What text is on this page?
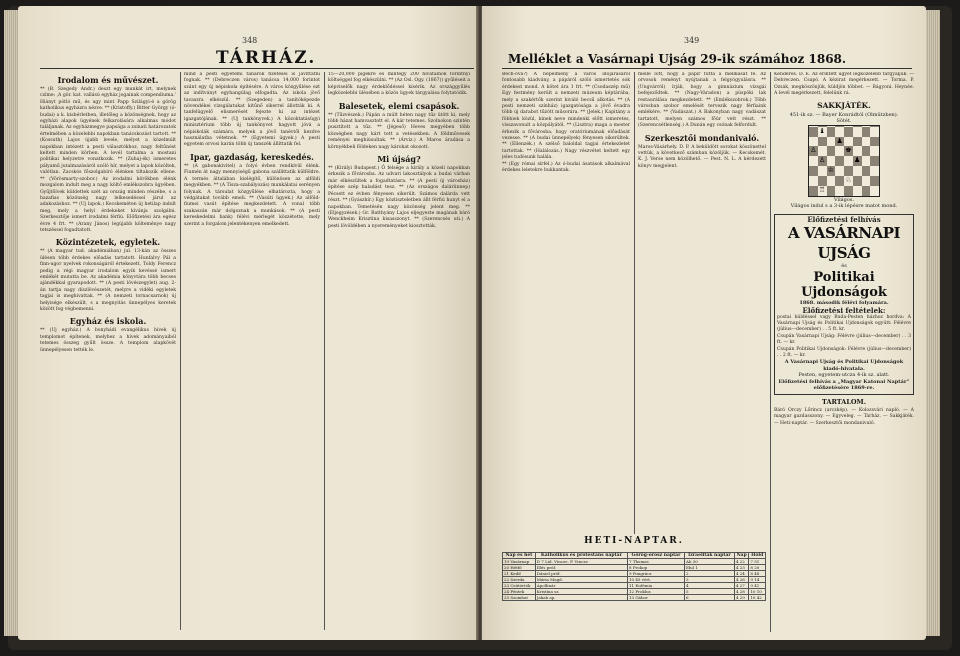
348
TÁRHÁZ.
Irodalom és művészet.

** (B. Szegedy Andr.) deszt egy munkát irt, melynek czíme: ,A gör. kat. vallású egyház jogainak compendiuma.' Hiányt pótló mű, és ugy mint Papp Szilágyi-é a görög katholikus egyházra nézve. ** (Kristoffy.) Bitter György (ó-budai) a k. kisbérletben, illetőleg a közönségnek, hogy az egyházi alapok ügyének felkarolására alkalmas módot találjanak. Az egyházmegye papsága a zsinati határozatok értelmében a közelebbi napokban tanácskozást tartott. ** (Kossuth) Lajos újabb levele, melyet a közelmúlt napokban intézett a pesti választókhoz, nagy feltűnést keltett minden körben. A levél tartalma a mostani politikai helyzetre vonatkozik. ** (Zuhaj-ék) ismeretes pályamű jutalmazásáról szóló hír, melyet a lapok közöltek, valótlan. Zacskós főszolgabíró élénken tiltakozik ellene. ** (Vörösmarty-szobor.) Az irodalmi körökben élénk mozgalom indult meg a nagy költő emlékszobra ügyében. Gyűjtőívek küldettek szét az ország minden részébe, s a hazafias közönség nagy lelkesedéssel járul az adakozáshoz. ** (Uj lapok.) Kecskeméten új hetilap indult meg, mely a helyi érdekeket kívánja szolgálni. Szerkesztője ismert irodalmi férfiú. Előfizetési ára egész évre 4 frt. ** (Arany János) legújabb költeménye nagy tetszéssel fogadtatott.

Közintézetek, egyletek.

** (A magyar tud. akadémiában) jul. 13-kán az összes ülésen több érdekes előadás tartatott. Hunfalvy Pál a finn-ugor nyelvek rokonságáról értekezett, Toldy Ferencz pedig a régi magyar irodalom egyik kevéssé ismert emlékét mutatta be. Az akadémia könyvtára több becses ajándékkal gyarapodott. ** (A pesti lövészegylet) aug. 2-án tartja nagy díszlövészetét, melyre a vidéki egyletek tagjai is meghivattak. ** (A nemzeti tornacsarnok) új helyisége elkészült, s a megnyitás ünnepélyes keretek között fog végbemenni.

Egyház és iskola.

** (Uj egyház.) A bonyhádi evangélikus hívek új templomot építenek, melyhez a hívek adományaiból tetemes összeg gyűlt össze. A templom alapkövét ünnepélyesen tették le.

mind a pesti egyetemi tanárok fizetései is javíttatni fognak. ** (Debreczen város) tanácsa 14,000 forintot szánt egy új népiskola építésére. A város közgyűlése ezt az indítványt egyhangúlag elfogadta. Az iskola jövő tavaszra elkészül. ** (Szegeden) a tanítóképezde növendékei vizsgálatukat kitűnő sikerrel állották ki. A tanfelügyelő elismerését fejezte ki az intézet igazgatójának. ** (Uj tankönyvek.) A közoktatásügyi minisztérium több új tankönyvet hagyott jóvá a népiskolák számára, melyek a jövő tanévtől kezdve használatba vétetnek. ** (Egyetemi ügyek.) A pesti egyetem orvosi karán több új tanszék állíttatik fel.

Ipar, gazdaság, kereskedés.

** (A gabonakivitel) a folyó évben rendkívül élénk. Fiumén át nagy mennyiségű gabona szállíttatik külföldre. A termés általában kielégítő, különösen az alföldi megyékben. ** (A Tisza-szabályozás) munkálatai serényen folynak. A társulat közgyűlése elhatározta, hogy a védgátakat tovább emeli. ** (Vasúti ügyek.) Az alföld-fiumei vasút építése megkezdetett. A vonal több szakaszán már dolgoznak a munkások. ** (A pesti kereskedelmi bank) félévi mérlegét közzétette, mely szerint a forgalom jelentékenyen emelkedett.

15—20,000 pigekre és mintegy 200 hivatalnok forintnyi költséggel fog elkészülni. ** (Az Osl. Ogy. (1867)) gyűléseit a képviselők nagy érdeklődéssel kísérik. Az országgyűlés legközelebbi ülésében a közös ügyek tárgyalása folytatódik.

Balesetek, elemi csapások.

** (Tűzvészek.) Pápán a múlt héten nagy tűz ütött ki, mely több házat hamvasztott el. A kár tetemes. Szolnokon szintén pusztított a tűz. ** (Jégeső) Heves megyében több községben nagy kárt tett a vetésekben. A földművesek reményei meghiúsultak. ** (Árvíz.) A Maros áradása a környékbeli földeken nagy károkat okozott.

Mi újság?

** (Királyi Budapest.) Ő felsége a király a közeli napokban érkezik a fővárosba. Az udvari lakosztályok a budai várban már elkészültek a fogadtatásra. ** (A pesti új városház) építése szép haladást tesz. ** (Az országos dalárünnep) Pécsett ez évben fényesen sikerült. Számos dalárda vett részt. ** (Gyászhír.) Egy köztiszteletben állt férfiú hunyt el a napokban. Temetésén nagy közönség jelent meg. ** (Eljegyzések.) Gr. Batthyány Lajos eljegyezte magának báró Wenckheim Krisztina kisasszonyt. ** (Szerencsés uti.) A pesti lövöldében a nyereményeket kiosztották.

349
Melléklet a Vasárnapi Ujság 29-ik számához 1868.

Bech-ová?) A népélmény a város időjárásáról fontosabb kiadvány, a pápáról szóló ismertetés sok érdekest mond. A kötet ára 1 frt. ** (Csodaszép mű) Egy festmény került a nemzeti múzeum képtárába, mely a szakértők szerint kiváló becsű alkotás. ** (A pesti nemzeti színház) igazgatósága a jövő évadra több új darabot tűzött műsorára. ** (Jelek.) Kapitány a föbbiek közül, kinek neve mindenki előtt ismeretes, visszavonult a közpályától. ** (Lisztra) maga a mester érkezik a fővárosba, hogy oratóriumának előadását vezesse. ** (A budai ünnepélyek) fényesen sikerültek. ** (Ellenzék.) A szélső baloldal tagjai értekezletet tartottak. ** (Halálozás.) Nagy részvétet keltett egy jeles tudósunk halála.

** (Egy római sírfel.) Az ó-budai ásatások alkalmával érdekes leletekre bukkantak.

melle lőtt, hogy a papír futta a mellkasát fe. Az orvosok reményt nyújtanak a felgyógyulásra. ** (Ungvárról) írják, hogy a gimnázium vizsgái befejeződtek. ** (Nagy-Váradon) a püspöki lak restaurálása megkezdetett. ** (Emlékszobrok.) Több városban szobor emelését tervezik nagy férfiaink emlékére. ** (Vadászat.) A Bakonyban nagy vadászat tartatott, melyen számos főúr vett részt. ** (Szerencsétlenség.) A Dunán egy csónak felfordult.

Szerkesztői mondanivaló.

Maros-Vásárhely. D. P. A beküldött sorokat köszönettel vettük, a következő számban közöljük. — Kecskemét. K. J. Verse nem közölhető. — Pest. N. L. A kérdezett könyv megjelent.

Kenderes. D. E. Az érintett ügyet legközelebb tárgyaljuk. — Debreczen. Csapó. A kézirat megérkezett. — Torma. P. Ozsák, megköszönjük, küldjön többet. — Bágyoni. Heynée. A levél megérkezett, felelünk rá.

SAKKJÁTÉK.
451-ik sz. — Bayer Konrádtól (Olmützben).
Sötét.
♝
♟
♙	♚
♙	♟
♔
♘
♖
Világos.
Világos indul s a 3-ik lépésre matot mond.
Előfizetési felhívás
A VASÁRNAPI UJSÁG
és
Politikai Ujdonságok
1868. második félévi folyamára.
Előfizetési feltételek:

postai küldéssel vagy Buda-Pesten házhoz hordva: A Vasárnapi Ujság és Politikai Ujdonságok együtt: Félévre (július—december) . . 5 ft. kr.

Csupán Vasárnapi Ujság: Félévre (július—december) . . 3 ft. — kr.

Csupán Politikai Ujdonságok: Félévre (július—december) . . 2 ft. — kr.

A Vasárnapi Ujság és Politikai Ujdonságok kiadó-hivatala.
Pesten, egyetem-utcza 4-ik sz. alatt.
Előfizetési felhívás a „Magyar Katonai Naptár” előfizetésére 1869-re.
TARTALOM.

Báró Orczy Lőrincz (arczkép). — Kolozsvári napló. — A magyar gazdasszony. — Egyveleg. — Tárház. — Sakkjáték. — Heti-naptár. — Szerkesztői mondanivaló.

HETI-NAPTÁR.
Nap és hét	Katholikus és protestáns naptár	Görög-orosz naptár	Izraeliták naptár	Nap	Hold
19 Vasárnap	D 7 Lid. Vincze, P. Vincze	7 Thomas	Ab 30	4 22	7 51
20 Hétfő	Illés próf.	8 Prokop	Elul 1	4 23	8 20
21 Kedd	Dániel próf.	9 Pongrácz	2	4 24	8 48
22 Szerda	Mária Magd.	10 45 vért.	3	4 26	9 14
23 Csütörtök	Apollinár	11 Eufémia	4	4 27	9 41
24 Péntek	Kristina sz.	12 Proklus	5	4 28	10 10
25 Szombat	Jakab ap.	13 Gábor	6	4 29	10 42
